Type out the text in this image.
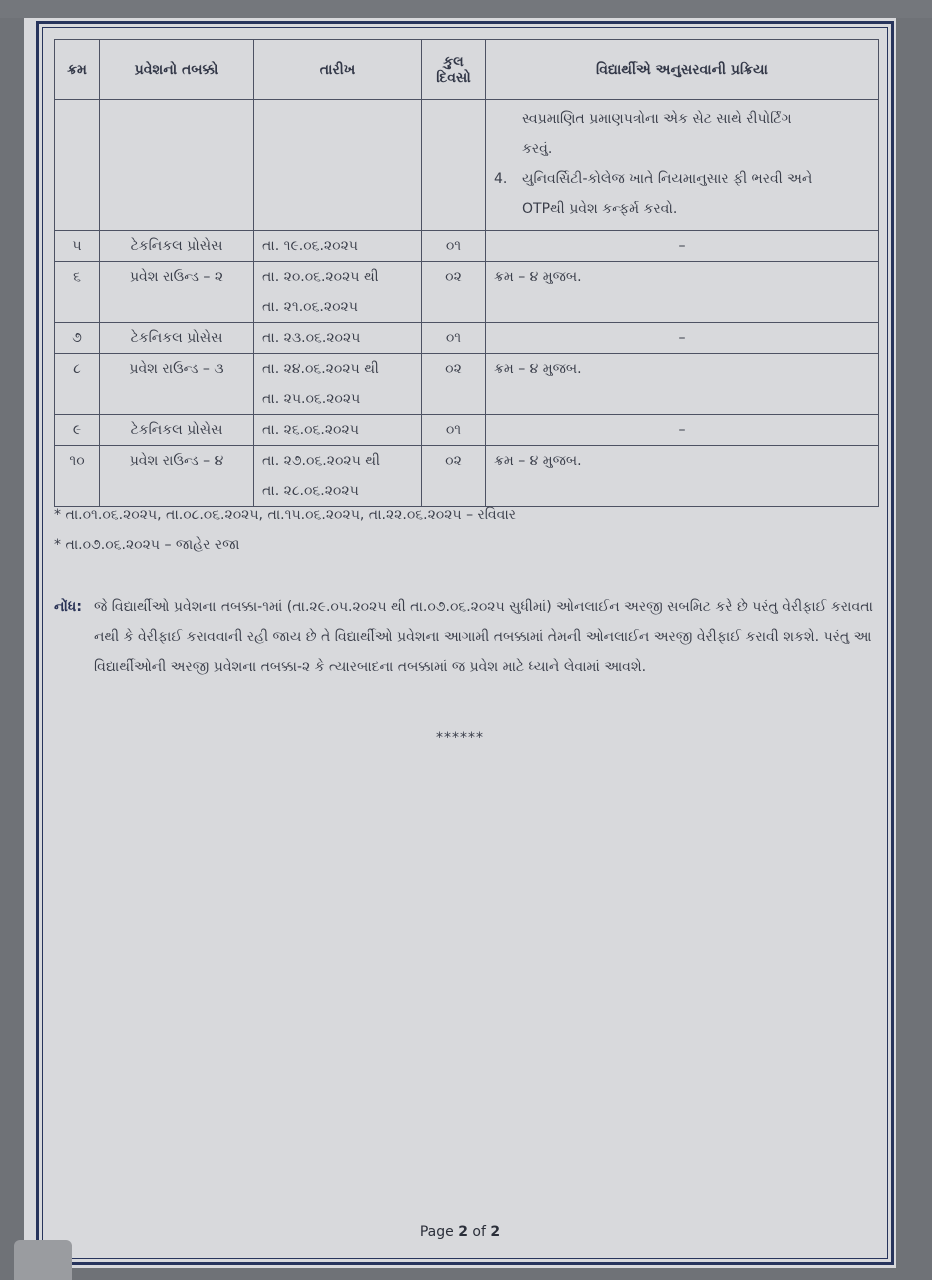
ક્રમ	પ્રવેશનો તબક્કો	તારીખ	કુલ
દિવસો	વિદ્યાર્થીએ અનુસરવાની પ્રક્રિયા

				સ્વપ્રમાણિત પ્રમાણપત્રોના એક સેટ સાથે રીપોર્ટિંગ
કરવું.
4. યુનિવર્સિટી-કોલેજ ખાતે નિયમાનુસાર ફી ભરવી અને
OTPથી પ્રવેશ કન્ફર્મ કરવો.

૫	ટેકનિકલ પ્રોસેસ	તા. ૧૯.૦૬.૨૦૨૫	૦૧	–
૬	પ્રવેશ રાઉન્ડ – ૨	તા. ૨૦.૦૬.૨૦૨૫ થી
તા. ૨૧.૦૬.૨૦૨૫	૦૨	ક્રમ – ૪ મુજબ.
૭	ટેકનિકલ પ્રોસેસ	તા. ૨૩.૦૬.૨૦૨૫	૦૧	–
૮	પ્રવેશ રાઉન્ડ – ૩	તા. ૨૪.૦૬.૨૦૨૫ થી
તા. ૨૫.૦૬.૨૦૨૫	૦૨	ક્રમ – ૪ મુજબ.
૯	ટેકનિકલ પ્રોસેસ	તા. ૨૬.૦૬.૨૦૨૫	૦૧	–
૧૦	પ્રવેશ રાઉન્ડ – ૪	તા. ૨૭.૦૬.૨૦૨૫ થી
તા. ૨૮.૦૬.૨૦૨૫	૦૨	ક્રમ – ૪ મુજબ.
* તા.૦૧.૦૬.૨૦૨૫, તા.૦૮.૦૬.૨૦૨૫, તા.૧૫.૦૬.૨૦૨૫, તા.૨૨.૦૬.૨૦૨૫ – રવિવાર
* તા.૦૭.૦૬.૨૦૨૫ – જાહેર રજા
નોંધ: જે વિદ્યાર્થીઓ પ્રવેશના તબક્કા-૧માં (તા.૨૯.૦૫.૨૦૨૫ થી તા.૦૭.૦૬.૨૦૨૫ સુધીમાં) ઓનલાઈન અરજી સબમિટ કરે છે પરંતુ વેરીફાઈ કરાવતા નથી કે વેરીફાઈ કરાવવાની રહી જાય છે તે વિદ્યાર્થીઓ પ્રવેશના આગામી તબક્કામાં તેમની ઓનલાઈન અરજી વેરીફાઈ કરાવી શકશે. પરંતુ આ વિદ્યાર્થીઓની અરજી પ્રવેશના તબક્કા-૨ કે ત્યારબાદના તબક્કામાં જ પ્રવેશ માટે ધ્યાને લેવામાં આવશે.
******
Page 2 of 2
